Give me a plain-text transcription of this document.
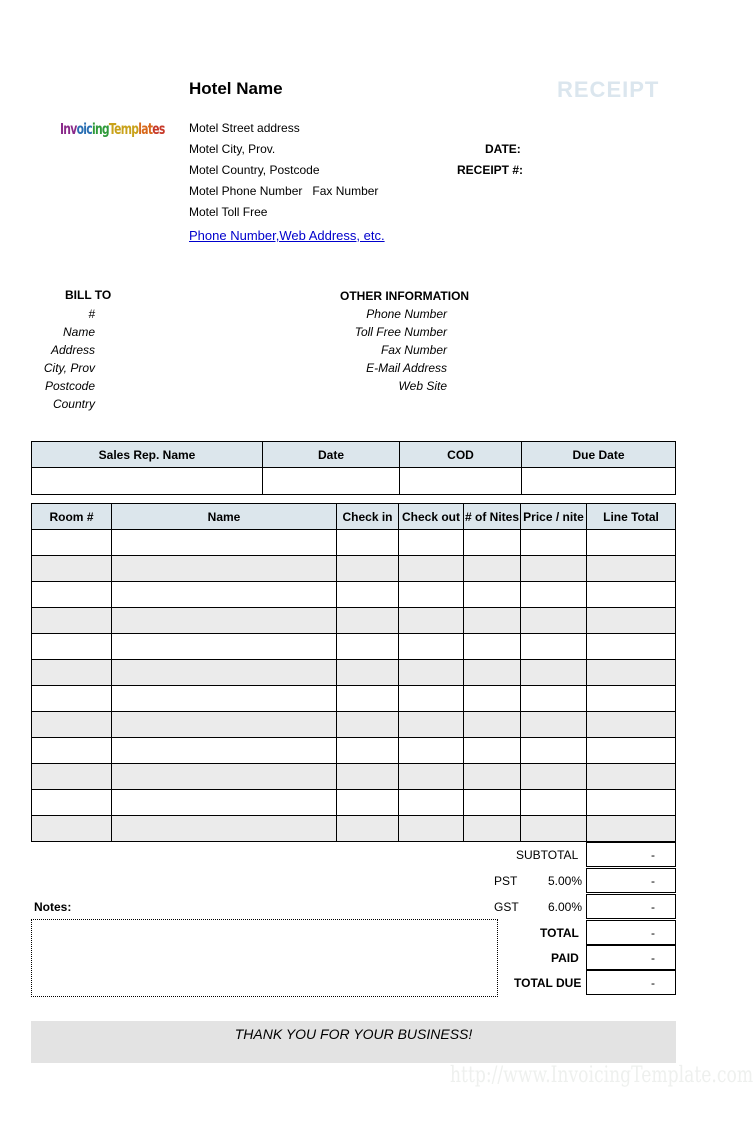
Hotel Name	RECEIPT
InvoicingTemplates Motel Street address
Motel City, Prov.
Motel Country, Postcode
Motel Phone Number   Fax Number
Motel Toll Free
Phone Number,Web Address, etc.
DATE:
RECEIPT #:
BILL TO
#
Name
Address
City, Prov
Postcode
Country
OTHER INFORMATION
Phone Number
Toll Free Number
Fax Number
E-Mail Address
Web Site
Sales Rep. Name	Date	COD	Due Date

Room #	Name	Check in	Check out	# of Nites	Price / nite	Line Total

SUBTOTAL	-
PST	5.00%	-
GST 6.00%	-
TOTAL	-
PAID	-
TOTAL DUE	-
Notes:
THANK YOU FOR YOUR BUSINESS!
http://www.InvoicingTemplate.com
